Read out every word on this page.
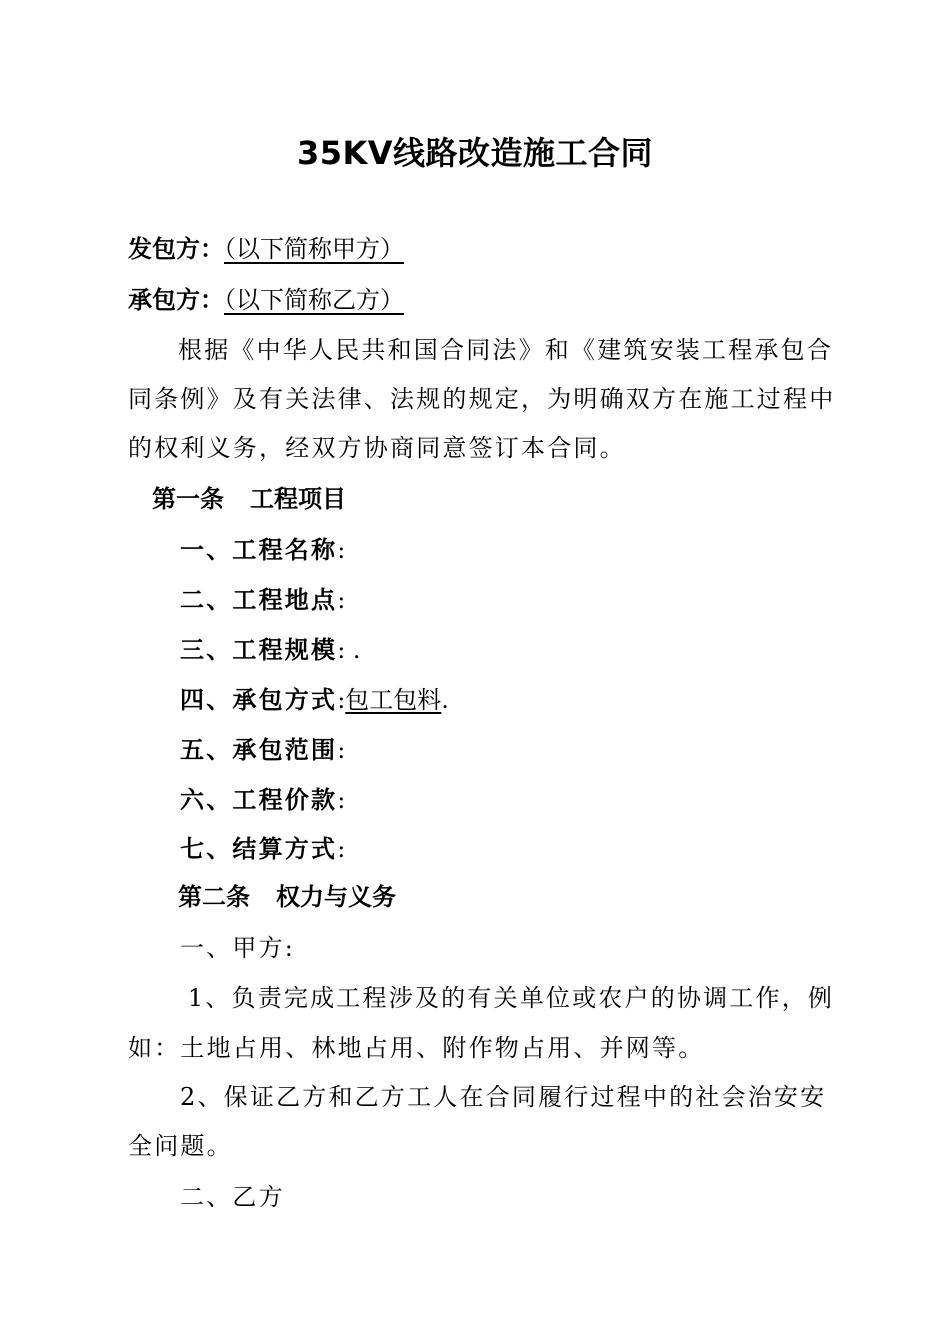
35KV线路改造施工合同
发包方：（以下简称甲方）
承包方：（以下简称乙方）
根据《中华人民共和国合同法》和《建筑安装工程承包合
同条例》及有关法律、法规的规定，为明确双方在施工过程中
的权利义务，经双方协商同意签订本合同。
第一条 工程项目
一、工程名称:
二、工程地点:
三、工程规模: .
四、承包方式:包工包料.
五、承包范围:
六、工程价款:
七、结算方式:
第二条 权力与义务
一、甲方:
1、负责完成工程涉及的有关单位或农户的协调工作，例
如：土地占用、林地占用、附作物占用、并网等。
2、保证乙方和乙方工人在合同履行过程中的社会治安安
全问题。
二、乙方
